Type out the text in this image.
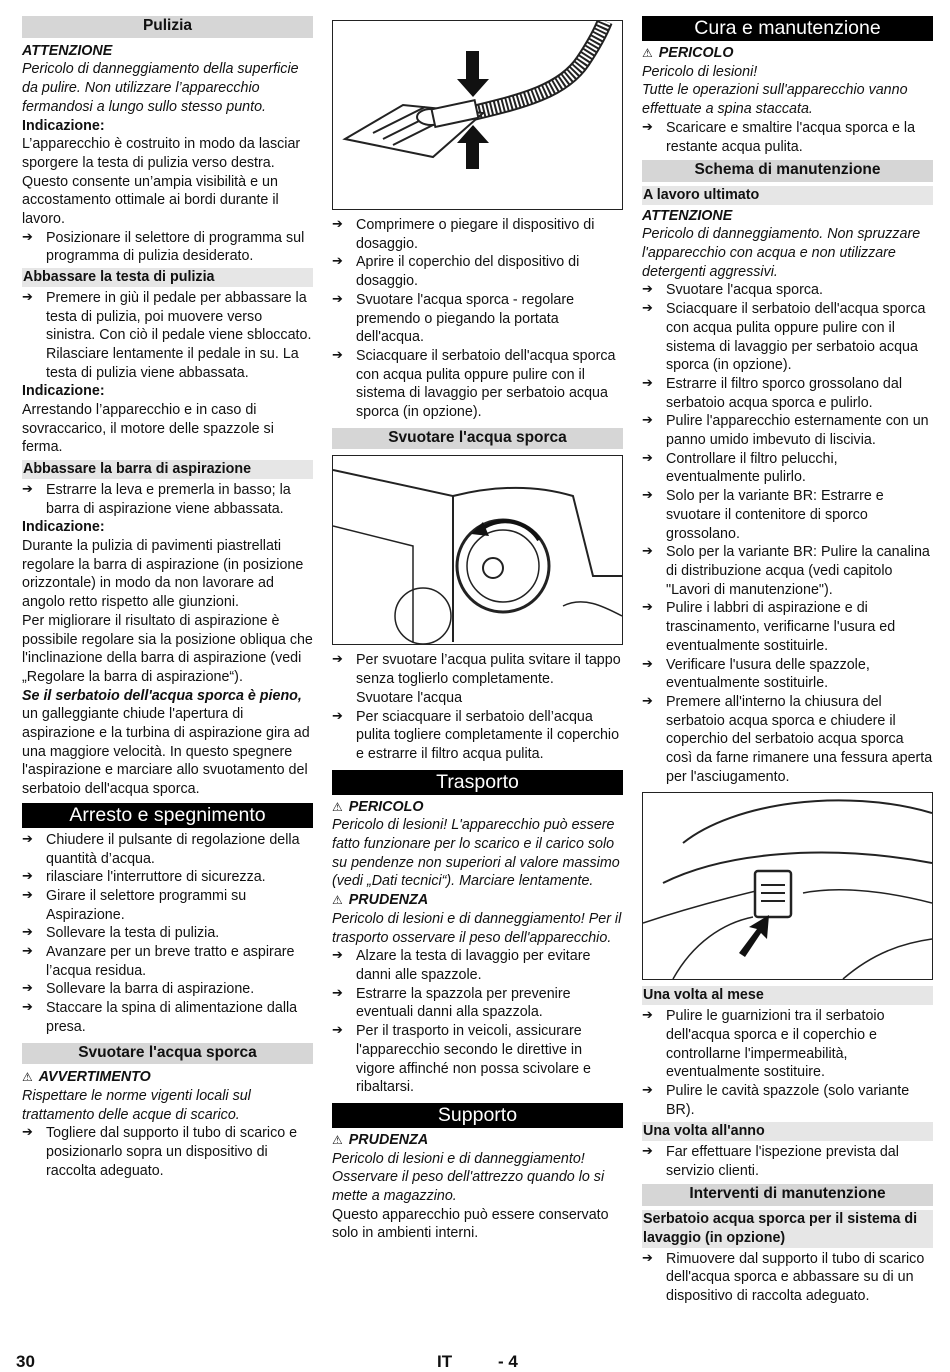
Pulizia

ATTENZIONE

Pericolo di danneggiamento della superficie da pulire. Non utilizzare l’apparecchio fermandosi a lungo sullo stesso punto.

Indicazione:

L’apparecchio è costruito in modo da lasciar sporgere la testa di pulizia verso destra. Questo consente un’ampia visibilità e un accostamento ottimale ai bordi durante il lavoro.

➔ Posizionare il selettore di programma sul programma di pulizia desiderato.
Abbassare la testa di pulizia
➔ Premere in giù il pedale per abbassare la testa di pulizia, poi muovere verso sinistra. Con ciò il pedale viene sbloccato. Rilasciare lentamente il pedale in su. La testa di pulizia viene abbassata.

Indicazione:

Arrestando l’apparecchio e in caso di sovraccarico, il motore delle spazzole si ferma.

Abbassare la barra di aspirazione
➔ Estrarre la leva e premerla in basso; la barra di aspirazione viene abbassata.

Indicazione:

Durante la pulizia di pavimenti piastrellati regolare la barra di aspirazione (in posizione orizzontale) in modo da non lavorare ad angolo retto rispetto alle giunzioni.

Per migliorare il risultato di aspirazione è possibile regolare sia la posizione obliqua che l'inclinazione della barra di aspirazione (vedi „Regolare la barra di aspirazione“).

Se il serbatoio dell'acqua sporca è pieno, un galleggiante chiude l'apertura di aspirazione e la turbina di aspirazione gira ad una maggiore velocità. In questo spegnere l'aspirazione e marciare allo svuotamento del serbatoio dell'acqua sporca.

Arresto e spegnimento
➔ Chiudere il pulsante di regolazione della quantità d’acqua.
➔ rilasciare l'interruttore di sicurezza.
➔ Girare il selettore programmi su Aspirazione.
➔ Sollevare la testa di pulizia.
➔ Avanzare per un breve tratto e aspirare l’acqua residua.
➔ Sollevare la barra di aspirazione.
➔ Staccare la spina di alimentazione dalla presa.
Svuotare l'acqua sporca

⚠ AVVERTIMENTO

Rispettare le norme vigenti locali sul trattamento delle acque di scarico.

➔ Togliere dal supporto il tubo di scarico e posizionarlo sopra un dispositivo di raccolta adeguato.
➔ Comprimere o piegare il dispositivo di dosaggio.
➔ Aprire il coperchio del dispositivo di dosaggio.
➔ Svuotare l'acqua sporca - regolare premendo o piegando la portata dell'acqua.
➔ Sciacquare il serbatoio dell'acqua sporca con acqua pulita oppure pulire con il sistema di lavaggio per serbatoio acqua sporca (in opzione).
Svuotare l'acqua sporca
➔ Per svuotare l’acqua pulita svitare il tappo senza toglierlo completamente.
Svuotare l'acqua
➔ Per sciacquare il serbatoio dell’acqua pulita togliere completamente il coperchio e estrarre il filtro acqua pulita.
Trasporto

⚠ PERICOLO

Pericolo di lesioni! L'apparecchio può essere fatto funzionare per lo scarico e il carico solo su pendenze non superiori al valore massimo (vedi „Dati tecnici“). Marciare lentamente.

⚠ PRUDENZA

Pericolo di lesioni e di danneggiamento! Per il trasporto osservare il peso dell'apparecchio.

➔ Alzare la testa di lavaggio per evitare danni alle spazzole.
➔ Estrarre la spazzola per prevenire eventuali danni alla spazzola.
➔ Per il trasporto in veicoli, assicurare l'apparecchio secondo le direttive in vigore affinché non possa scivolare e ribaltarsi.
Supporto

⚠ PRUDENZA

Pericolo di lesioni e di danneggiamento! Osservare il peso dell'attrezzo quando lo si mette a magazzino.

Questo apparecchio può essere conservato solo in ambienti interni.

Cura e manutenzione

⚠ PERICOLO

Pericolo di lesioni!
Tutte le operazioni sull'apparecchio vanno effettuate a spina staccata.

➔ Scaricare e smaltire l'acqua sporca e la restante acqua pulita.
Schema di manutenzione
A lavoro ultimato

ATTENZIONE

Pericolo di danneggiamento. Non spruzzare l'apparecchio con acqua e non utilizzare detergenti aggressivi.

➔ Svuotare l'acqua sporca.
➔ Sciacquare il serbatoio dell'acqua sporca con acqua pulita oppure pulire con il sistema di lavaggio per serbatoio acqua sporca (in opzione).
➔ Estrarre il filtro sporco grossolano dal serbatoio acqua sporca e pulirlo.
➔ Pulire l'apparecchio esternamente con un panno umido imbevuto di liscivia.
➔ Controllare il filtro pelucchi, eventualmente pulirlo.
➔ Solo per la variante BR: Estrarre e svuotare il contenitore di sporco grossolano.
➔ Solo per la variante BR: Pulire la canalina di distribuzione acqua (vedi capitolo "Lavori di manutenzione").
➔ Pulire i labbri di aspirazione e di trascinamento, verificarne l'usura ed eventualmente sostituirle.
➔ Verificare l'usura delle spazzole, eventualmente sostituirle.
➔ Premere all'interno la chiusura del serbatoio acqua sporca e chiudere il coperchio del serbatoio acqua sporca così da farne rimanere una fessura aperta per l'asciugamento.
Una volta al mese
➔ Pulire le guarnizioni tra il serbatoio dell'acqua sporca e il coperchio e controllarne l'impermeabilità, eventualmente sostituire.
➔ Pulire le cavità spazzole (solo variante BR).
Una volta all'anno
➔ Far effettuare l'ispezione prevista dal servizio clienti.
Interventi di manutenzione
Serbatoio acqua sporca per il sistema di lavaggio (in opzione)
➔ Rimuovere dal supporto il tubo di scarico dell'acqua sporca e abbassare su di un dispositivo di raccolta adeguato.
30	IT	- 4
